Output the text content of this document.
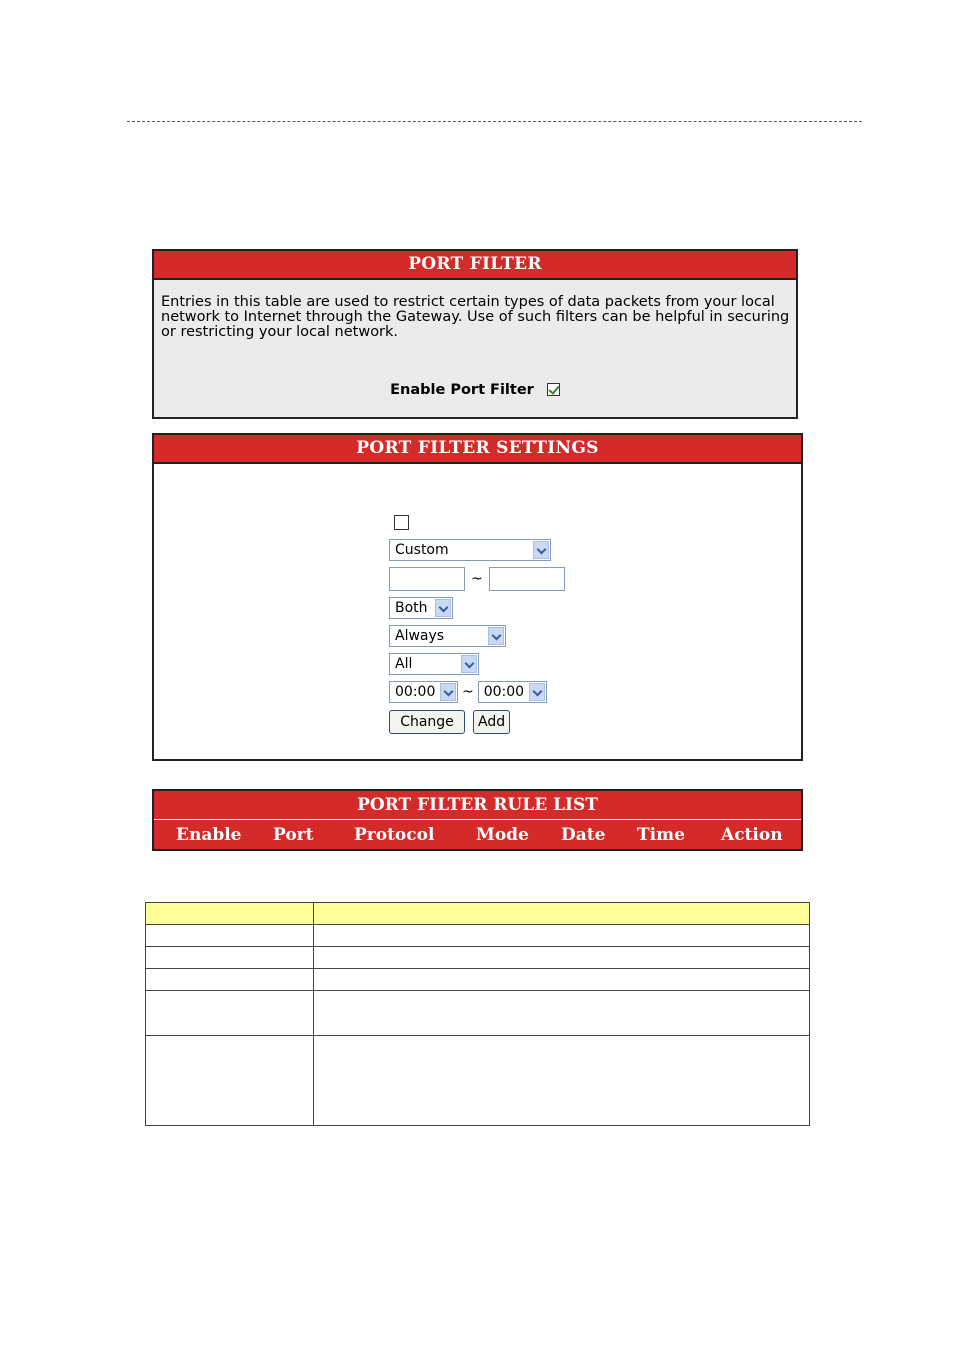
PORT FILTER
Entries in this table are used to restrict certain types of data packets from your local network to Internet through the Gateway. Use of such filters can be helpful in securing or restricting your local network.
Enable Port Filter
PORT FILTER SETTINGS
Custom
~
Both
Always
All
00:00	~ 00:00
Change	Add
PORT FILTER RULE LIST
Enable Port Protocol Mode Date Time Action
